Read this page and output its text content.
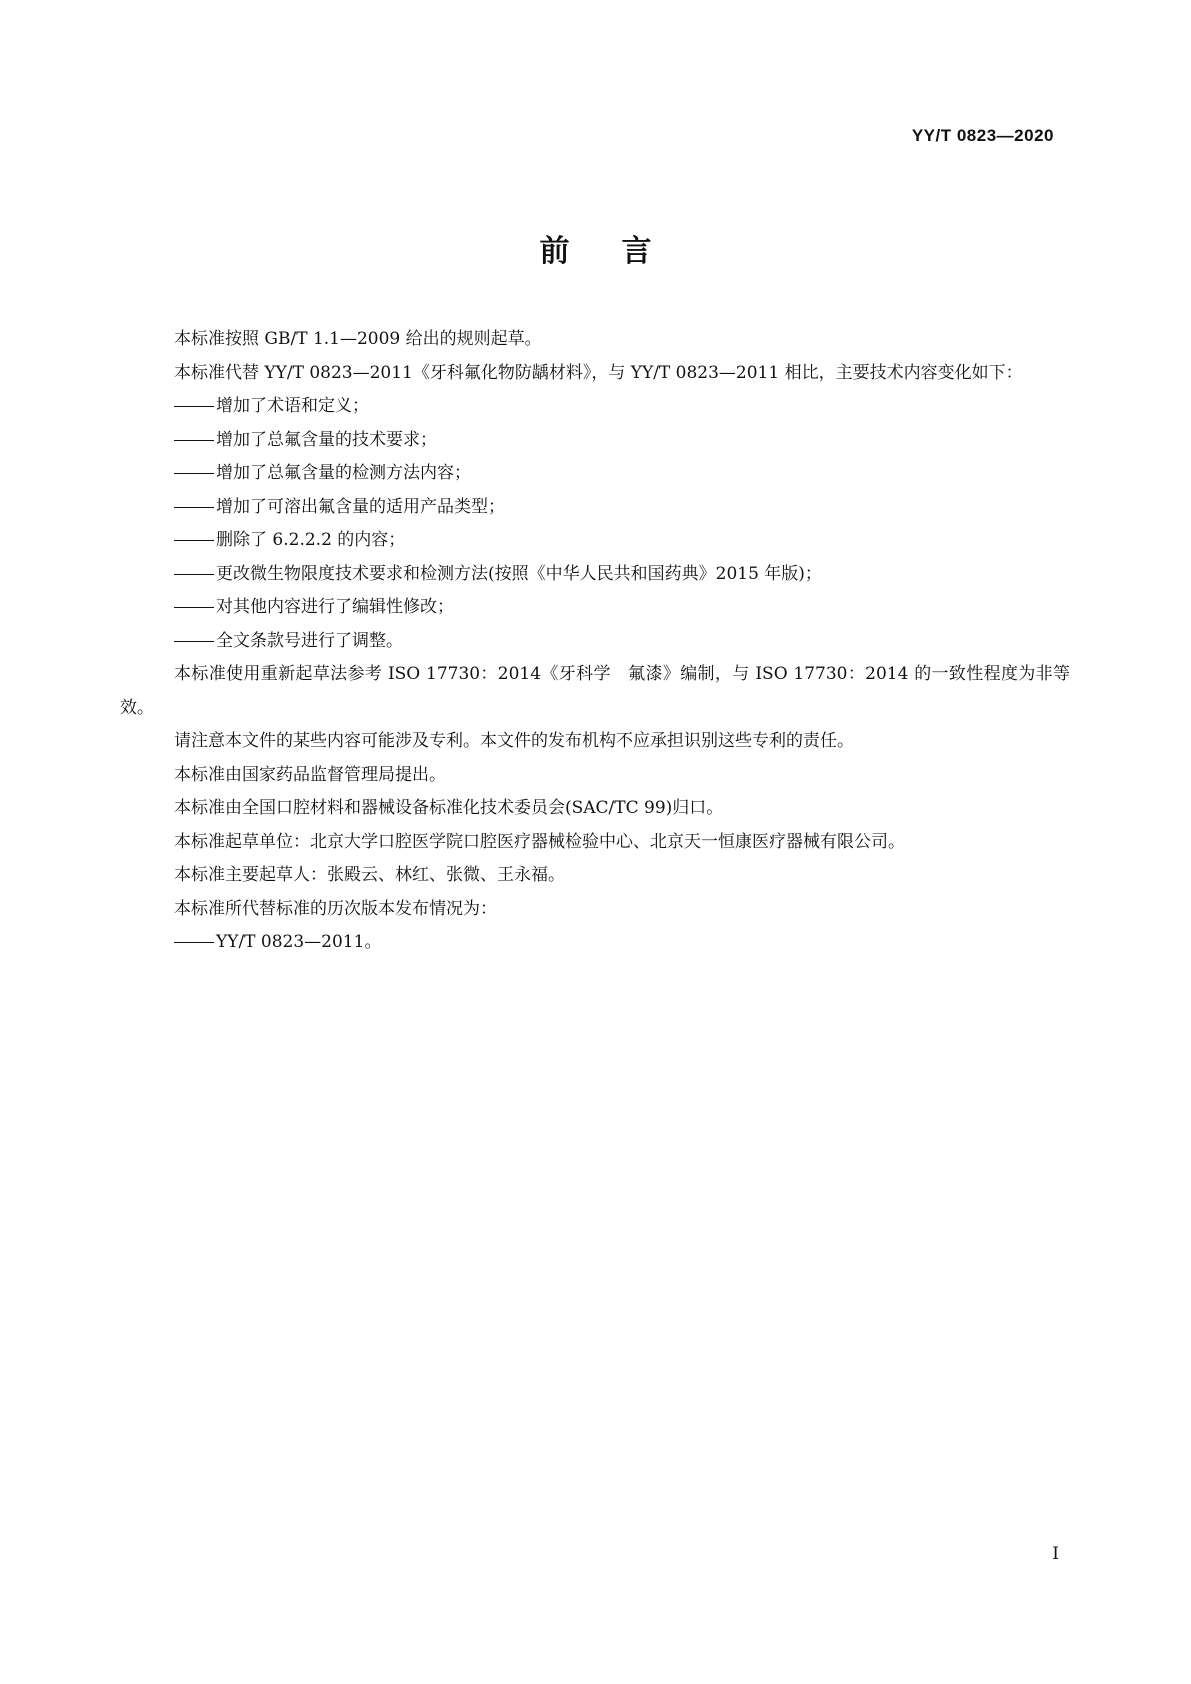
YY/T 0823—2020
前言

本标准按照 GB/T 1.1—2009 给出的规则起草。

本标准代替 YY/T 0823—2011《牙科氟化物防龋材料》，与 YY/T 0823—2011 相比，主要技术内容变化如下：

增加了术语和定义；
增加了总氟含量的技术要求；
增加了总氟含量的检测方法内容；
增加了可溶出氟含量的适用产品类型；
删除了 6.2.2.2 的内容；
更改微生物限度技术要求和检测方法(按照《中华人民共和国药典》2015 年版)；
对其他内容进行了编辑性修改；
全文条款号进行了调整。

本标准使用重新起草法参考 ISO 17730：2014《牙科学　氟漆》编制，与 ISO 17730：2014 的一致性程度为非等效。

请注意本文件的某些内容可能涉及专利。本文件的发布机构不应承担识别这些专利的责任。

本标准由国家药品监督管理局提出。

本标准由全国口腔材料和器械设备标准化技术委员会(SAC/TC 99)归口。

本标准起草单位：北京大学口腔医学院口腔医疗器械检验中心、北京天一恒康医疗器械有限公司。

本标准主要起草人：张殿云、林红、张微、王永福。

本标准所代替标准的历次版本发布情况为：

YY/T 0823—2011。
I
